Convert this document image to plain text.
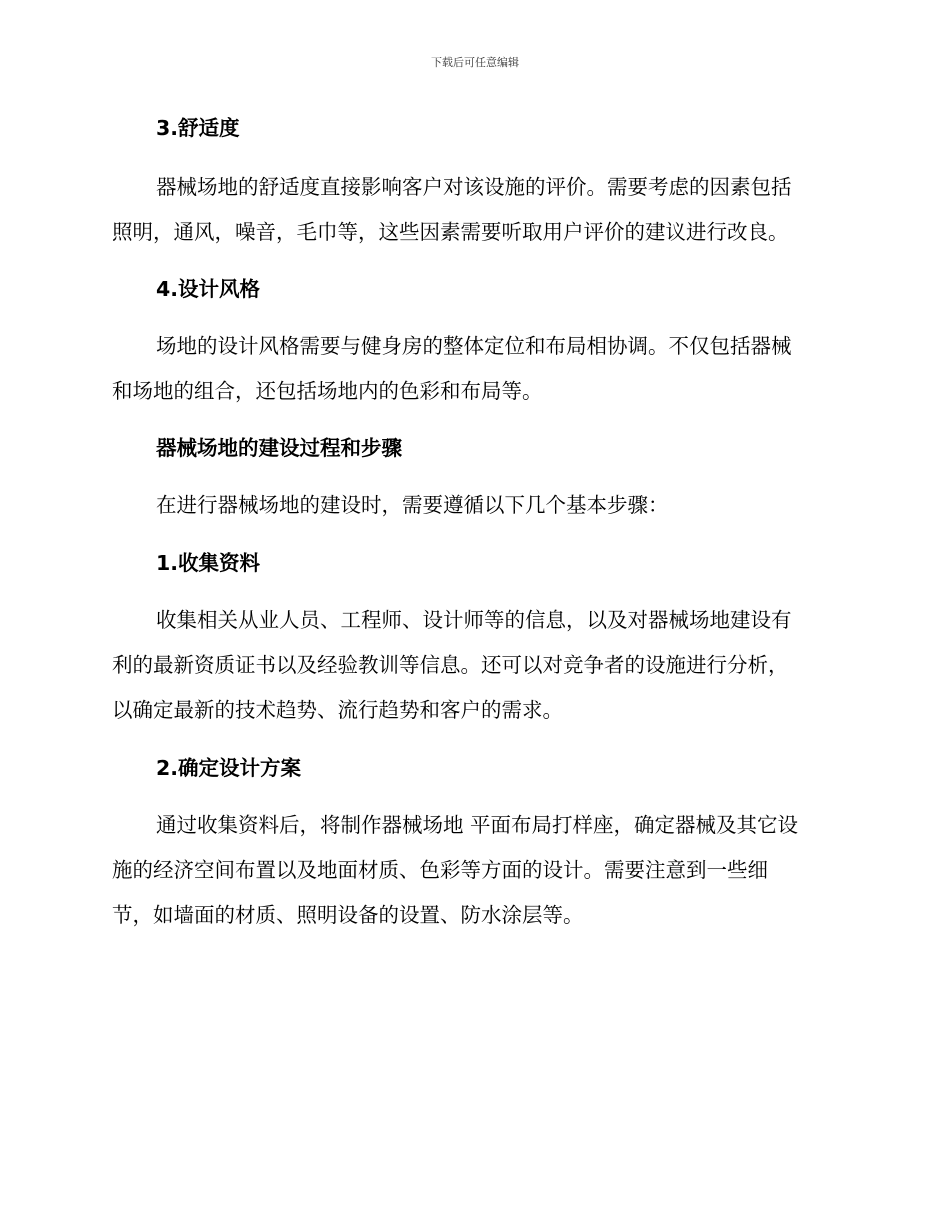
下载后可任意编辑
3.舒适度
器械场地的舒适度直接影响客户对该设施的评价。需要考虑的因素包括
照明，通风，噪音，毛巾等，这些因素需要听取用户评价的建议进行改良。
4.设计风格
场地的设计风格需要与健身房的整体定位和布局相协调。不仅包括器械
和场地的组合，还包括场地内的色彩和布局等。
器械场地的建设过程和步骤
在进行器械场地的建设时，需要遵循以下几个基本步骤：
1.收集资料
收集相关从业人员、工程师、设计师等的信息，以及对器械场地建设有
利的最新资质证书以及经验教训等信息。还可以对竞争者的设施进行分析，
以确定最新的技术趋势、流行趋势和客户的需求。
2.确定设计方案
通过收集资料后，将制作器械场地 平面布局打样座，确定器械及其它设
施的经济空间布置以及地面材质、色彩等方面的设计。需要注意到一些细
节，如墙面的材质、照明设备的设置、防水涂层等。
